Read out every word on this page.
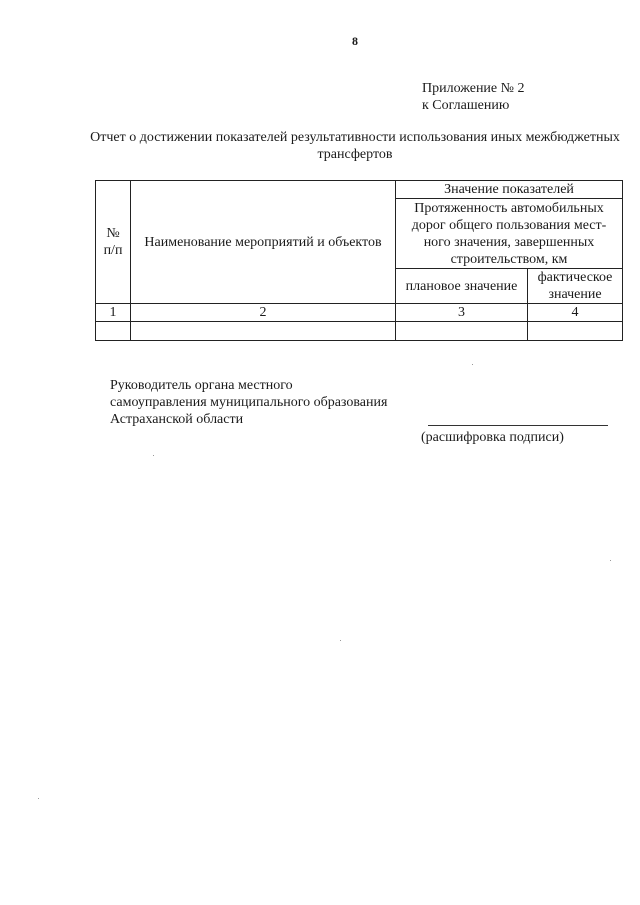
8
Приложение № 2
к Соглашению
Отчет о достижении показателей результативности использования иных межбюджетных трансфертов
№ п/п	Наименование мероприятий и объектов	Значение показателей	
		Протяженность автомобильных дорог общего пользования мест-ного значения, завершенных строительством, км	
		плановое значение	фактическое значение
1	2	3	4

Руководитель органа местного
самоуправления муниципального образования
Астраханской области
(расшифровка подписи)
